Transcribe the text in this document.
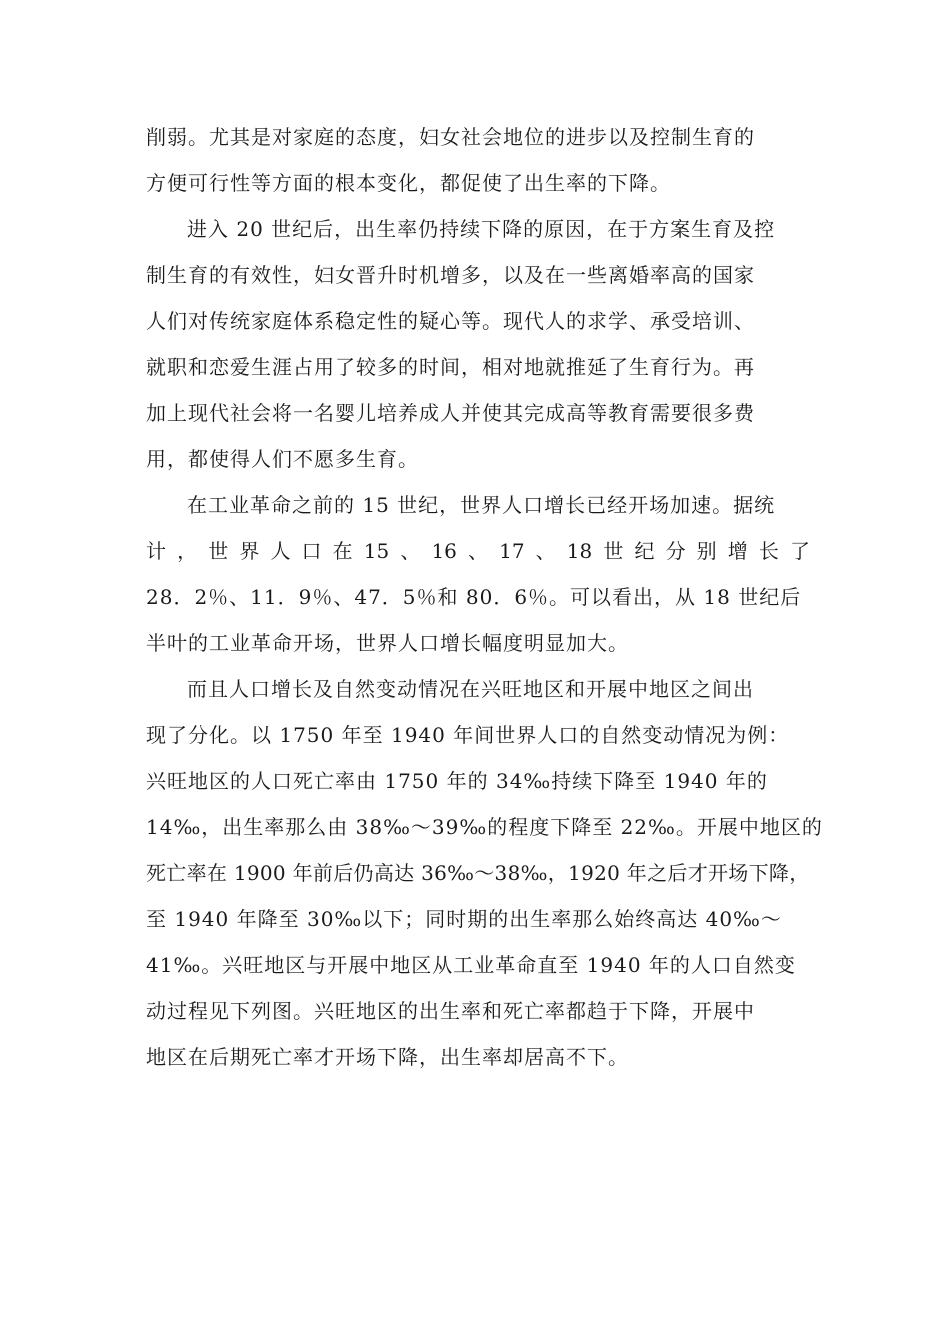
削弱。尤其是对家庭的态度，妇女社会地位的进步以及控制生育的
方便可行性等方面的根本变化，都促使了出生率的下降。
进入 20 世纪后，出生率仍持续下降的原因，在于方案生育及控
制生育的有效性，妇女晋升时机增多，以及在一些离婚率高的国家
人们对传统家庭体系稳定性的疑心等。现代人的求学、承受培训、
就职和恋爱生涯占用了较多的时间，相对地就推延了生育行为。再
加上现代社会将一名婴儿培养成人并使其完成高等教育需要很多费
用，都使得人们不愿多生育。
在工业革命之前的 15 世纪，世界人口增长已经开场加速。据统
计 ， 世 界 人 口 在 15 、 16 、 17 、 18 世 纪 分 别 增 长 了
28．2％、11．9％、47．5％和 80．6％。可以看出，从 18 世纪后
半叶的工业革命开场，世界人口增长幅度明显加大。
而且人口增长及自然变动情况在兴旺地区和开展中地区之间出
现了分化。以 1750 年至 1940 年间世界人口的自然变动情况为例：
兴旺地区的人口死亡率由 1750 年的 34‰持续下降至 1940 年的
14‰，出生率那么由 38‰～39‰的程度下降至 22‰。开展中地区的
死亡率在 1900 年前后仍高达 36‰～38‰，1920 年之后才开场下降，
至 1940 年降至 30‰以下；同时期的出生率那么始终高达 40‰～
41‰。兴旺地区与开展中地区从工业革命直至 1940 年的人口自然变
动过程见下列图。兴旺地区的出生率和死亡率都趋于下降，开展中
地区在后期死亡率才开场下降，出生率却居高不下。
